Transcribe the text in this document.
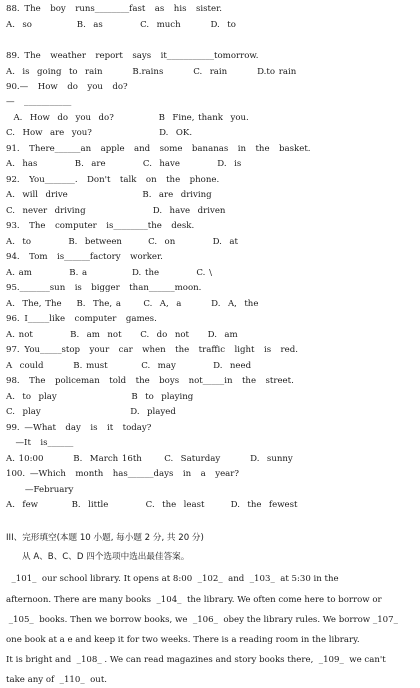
88. The  boy  runs________fast  as  his  sister.
A.  so            B.  as          C.  much        D.  to
89. The  weather  report  says  it___________tomorrow.
A.  is  going  to  rain        B.rains        C.  rain        D.to rain
90.—  How  do  you  do?
—  ___________
A.  How  do  you  do?            B  Fine, thank  you.
C.  How  are  you?                  D.  OK.
91.  There______an  apple  and  some  bananas  in  the  basket.
A.  has          B.  are          C.  have          D.  is
92.  You_______.  Don't  talk  on  the  phone.
A.  will  drive                    B.  are  driving
C.  never  driving                  D.  have  driven
93.  The  computer  is________the  desk.
A.  to          B.  between       C.  on          D.  at
94.  Tom  is______factory  worker.
A. am          B. a            D. the          C. \
95._______sun  is  bigger  than______moon.
A.  The, The    B.  The, a      C.  A,  a        D.  A,  the
96. I_____like  computer  games.
A. not          B.  am  not     C.  do  not     D.  am
97. You_____stop  your  car  when  the  traffic  light  is  red.
A  could        B. must         C.  may          D.  need
98.  The  policeman  told  the  boys  not_____in  the  street.
A.  to  play                    B  to  playing
C.  play                        D.  played
99. —What  day  is  it  today?
—It  is______
A. 10:00        B.  March 16th      C.  Saturday        D.  sunny
100. —Which  month  has______days  in  a  year?
—February
A.  few         B.  little          C.  the  least       D.  the  fewest
III、完形填空(本题 10 小题, 每小题 2 分, 共 20 分)
从 A、B、C、D 四个选项中选出最佳答案。
_101_  our school library. It opens at 8:00  _102_  and  _103_  at 5:30 in the
afternoon. There are many books  _104_  the library. We often come here to borrow or
_105_  books. Then we borrow books, we  _106_  obey the library rules. We borrow _107_
one book at a e and keep it for two weeks. There is a reading room in the library.
It is bright and  _108_ . We can read magazines and story books there,  _109_  we can't
take any of  _110_  out.
